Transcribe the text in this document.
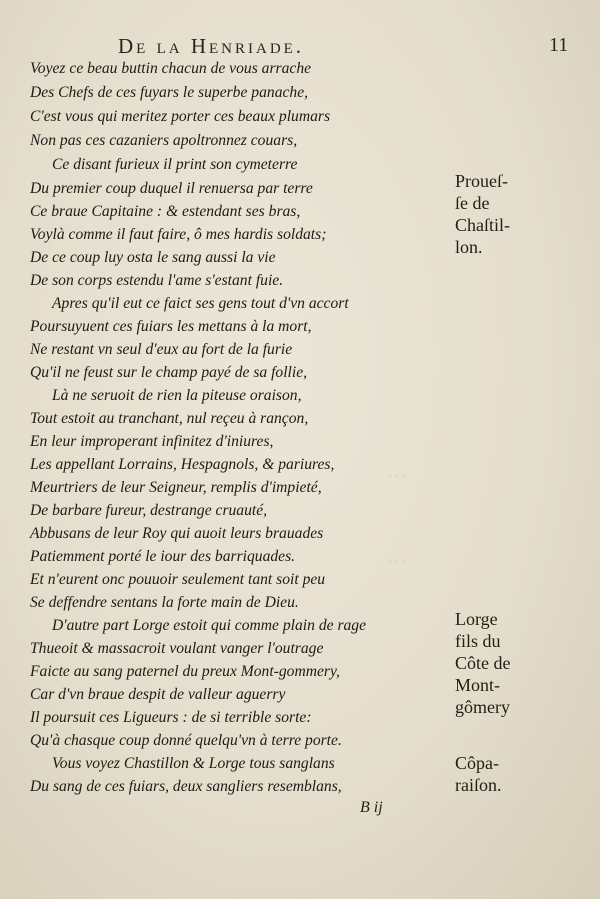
De la Henriade.	11
· · ·
· · ·
Voyez ce beau buttin chacun de vous arrache
Des Chefs de ces fuyars le superbe panache,
C'est vous qui meritez porter ces beaux plumars
Non pas ces cazaniers apoltronnez couars,
Ce disant furieux il print son cymeterre
Du premier coup duquel il renuersa par terre
Ce braue Capitaine : & estendant ses bras,
Voylà comme il faut faire, ô mes hardis soldats;
De ce coup luy osta le sang aussi la vie
De son corps estendu l'ame s'estant fuie.
Apres qu'il eut ce faict ses gens tout d'vn accort
Poursuyuent ces fuiars les mettans à la mort,
Ne restant vn seul d'eux au fort de la furie
Qu'il ne feust sur le champ payé de sa follie,
Là ne seruoit de rien la piteuse oraison,
Tout estoit au tranchant, nul reçeu à rançon,
En leur improperant infinitez d'iniures,
Les appellant Lorrains, Hespagnols, & pariures,
Meurtriers de leur Seigneur, remplis d'impieté,
De barbare fureur, destrange cruauté,
Abbusans de leur Roy qui auoit leurs brauades
Patiemment porté le iour des barriquades.
Et n'eurent onc pouuoir seulement tant soit peu
Se deffendre sentans la forte main de Dieu.
D'autre part Lorge estoit qui comme plain de rage
Thueoit & massacroit voulant vanger l'outrage
Faicte au sang paternel du preux Mont-gommery,
Car d'vn braue despit de valleur aguerry
Il poursuit ces Ligueurs : de si terrible sorte:
Qu'à chasque coup donné quelqu'vn à terre porte.
Vous voyez Chastillon & Lorge tous sanglans
Du sang de ces fuiars, deux sangliers resemblans,
Proueſ-
ſe de
Chaſtil-
lon.
Lorge
fils du
Côte de
Mont-
gômery
Côpa-
raiſon.
B ij
